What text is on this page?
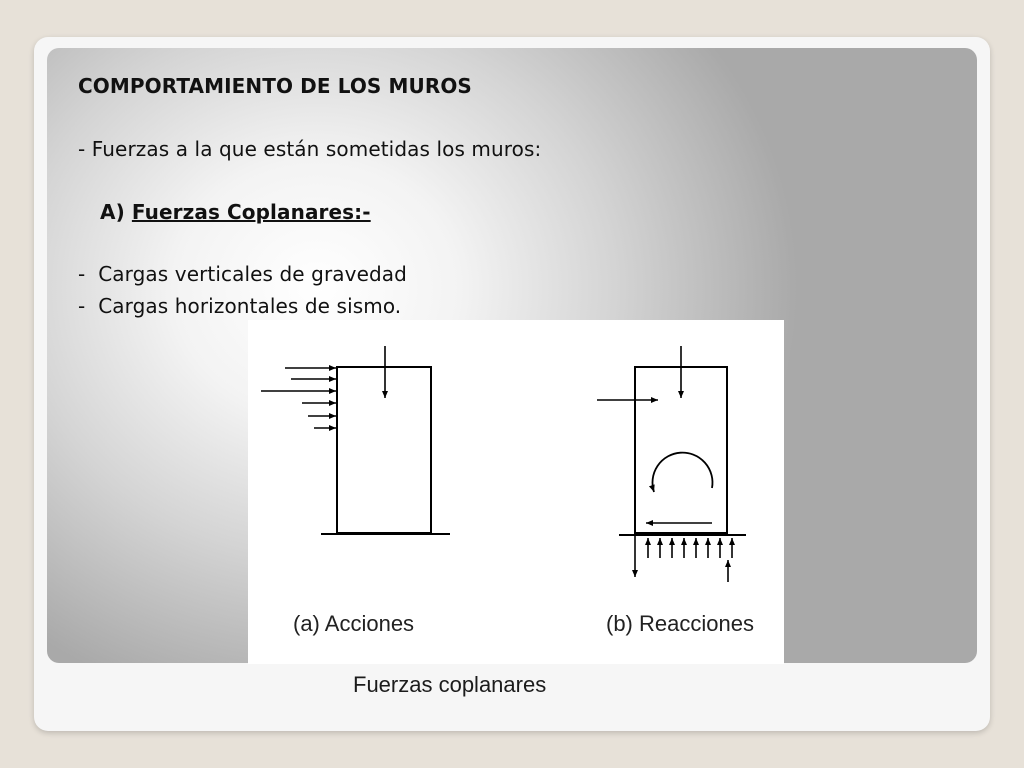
COMPORTAMIENTO DE LOS MUROS

- Fuerzas a la que están sometidas los muros:

A) Fuerzas Coplanares:-

-  Cargas verticales de gravedad

-  Cargas horizontales de sismo.

(a) Acciones	(b) Reacciones

Fuerzas coplanares
